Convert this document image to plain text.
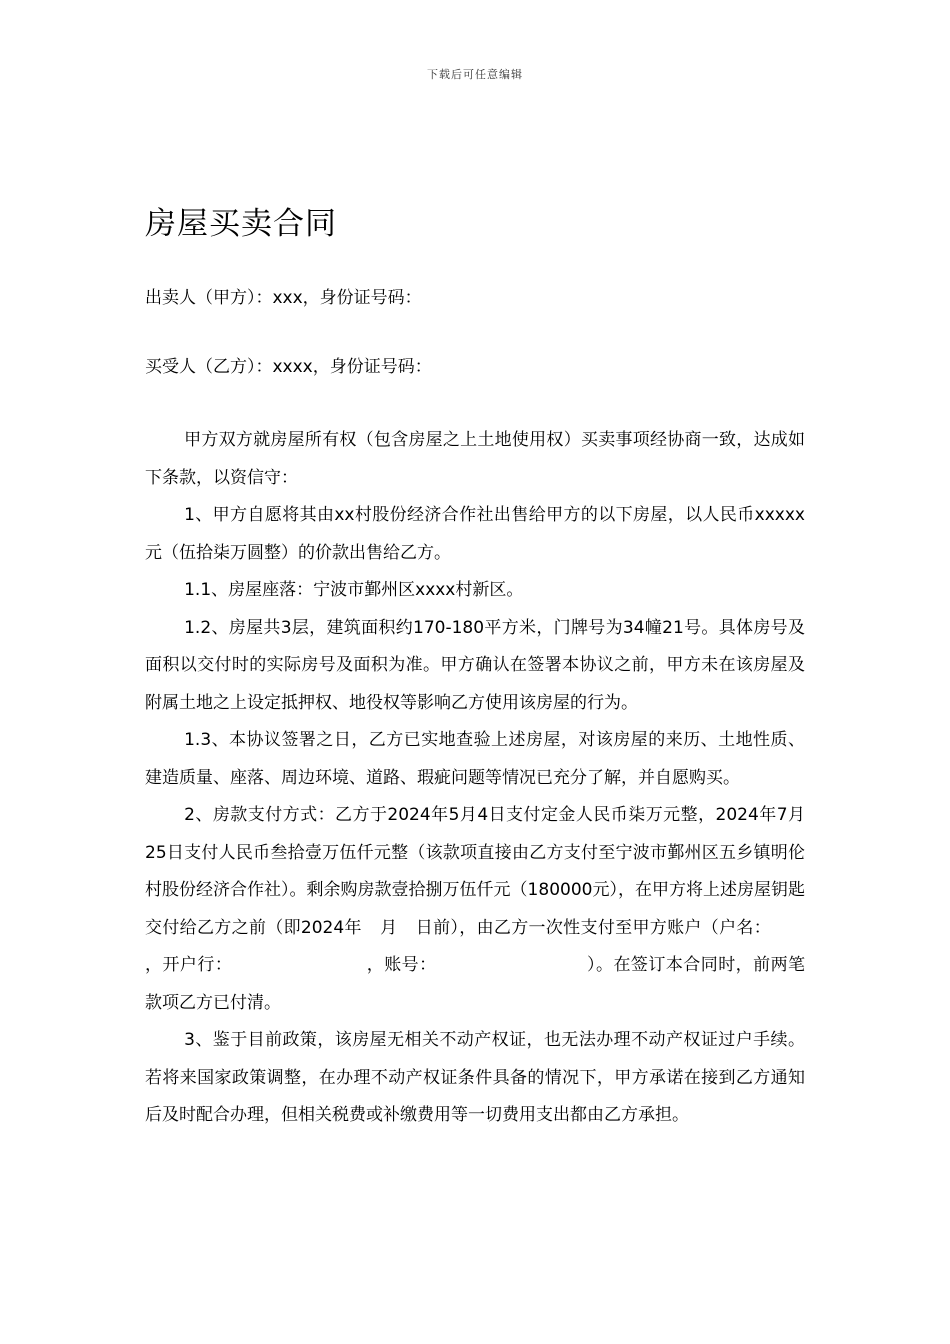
下载后可任意编辑
房屋买卖合同
出卖人（甲方）：xxx，身份证号码：
买受人（乙方）：xxxx，身份证号码：

甲方双方就房屋所有权（包含房屋之上土地使用权）买卖事项经协商一致，达成如下条款，以资信守：

1、甲方自愿将其由xx村股份经济合作社出售给甲方的以下房屋，以人民币xxxxx元（伍拾柒万圆整）的价款出售给乙方。

1.1、房屋座落：宁波市鄞州区xxxx村新区。

1.2、房屋共3层，建筑面积约170-180平方米，门牌号为34幢21号。具体房号及面积以交付时的实际房号及面积为准。甲方确认在签署本协议之前，甲方未在该房屋及附属土地之上设定抵押权、地役权等影响乙方使用该房屋的行为。

1.3、本协议签署之日，乙方已实地查验上述房屋，对该房屋的来历、土地性质、建造质量、座落、周边环境、道路、瑕疵问题等情况已充分了解，并自愿购买。

2、房款支付方式：乙方于2024年5月4日支付定金人民币柒万元整，2024年7月25日支付人民币叁拾壹万伍仟元整（该款项直接由乙方支付至宁波市鄞州区五乡镇明伦村股份经济合作社）。剩余购房款壹拾捌万伍仟元（180000元），在甲方将上述房屋钥匙交付给乙方之前（即2024年 月 日前），由乙方一次性支付至甲方账户（户名：，开户行：	，账号：	）。在签订本合同时，前两笔款项乙方已付清。

3、鉴于目前政策，该房屋无相关不动产权证，也无法办理不动产权证过户手续。若将来国家政策调整，在办理不动产权证条件具备的情况下，甲方承诺在接到乙方通知后及时配合办理，但相关税费或补缴费用等一切费用支出都由乙方承担。
